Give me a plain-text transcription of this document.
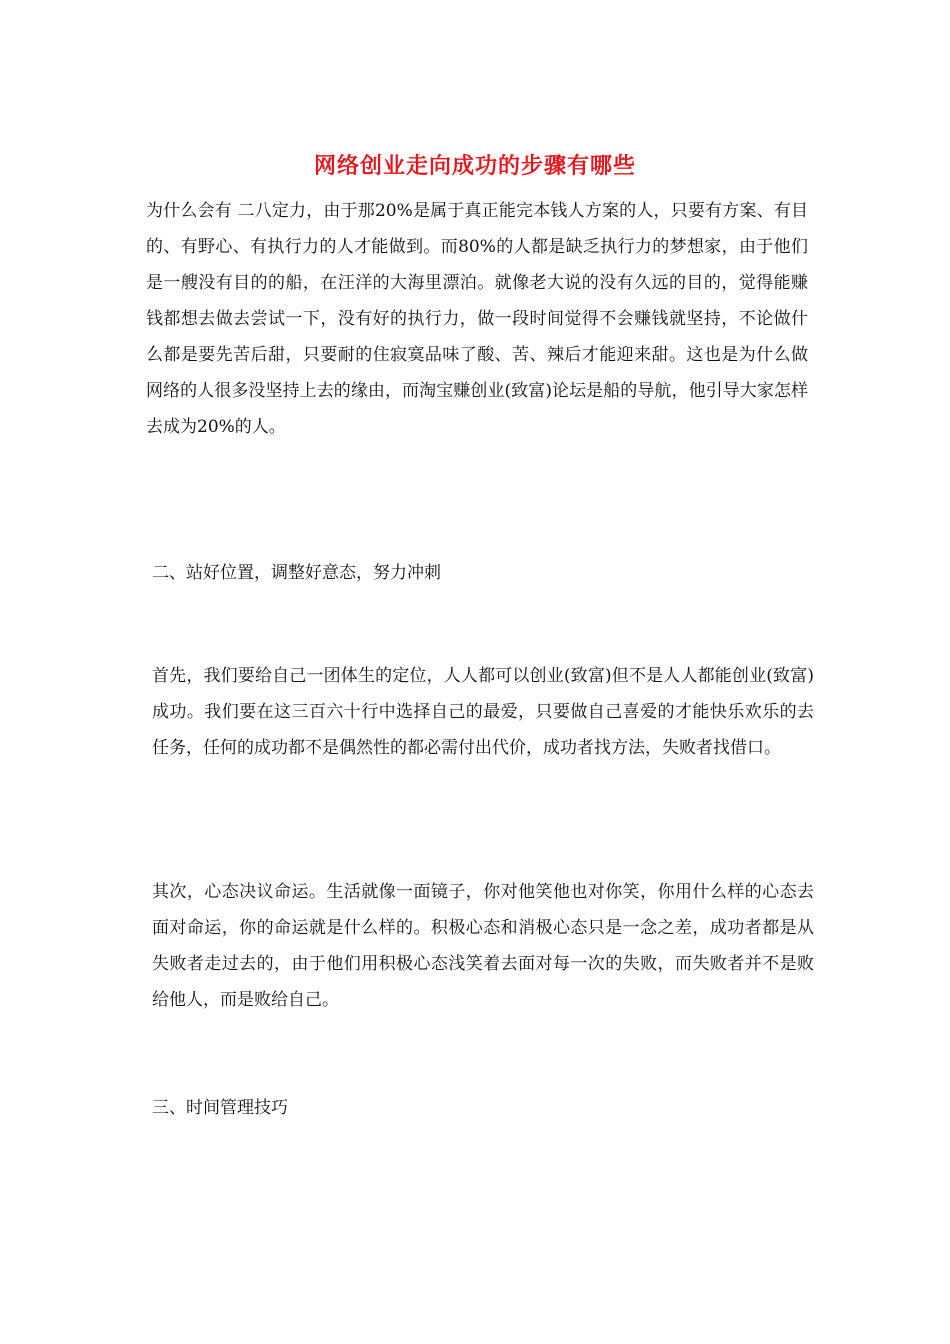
网络创业走向成功的步骤有哪些
为什么会有 二八定力，由于那20%是属于真正能完本钱人方案的人，只要有方案、有目的、有野心、有执行力的人才能做到。而80%的人都是缺乏执行力的梦想家，由于他们是一艘没有目的的船，在汪洋的大海里漂泊。就像老大说的没有久远的目的，觉得能赚钱都想去做去尝试一下，没有好的执行力，做一段时间觉得不会赚钱就坚持，不论做什么都是要先苦后甜，只要耐的住寂寞品味了酸、苦、辣后才能迎来甜。这也是为什么做网络的人很多没坚持上去的缘由，而淘宝赚创业(致富)论坛是船的导航，他引导大家怎样去成为20%的人。
二、站好位置，调整好意态，努力冲刺
首先，我们要给自己一团体生的定位，人人都可以创业(致富)但不是人人都能创业(致富)成功。我们要在这三百六十行中选择自己的最爱，只要做自己喜爱的才能快乐欢乐的去任务，任何的成功都不是偶然性的都必需付出代价，成功者找方法，失败者找借口。
其次，心态决议命运。生活就像一面镜子，你对他笑他也对你笑，你用什么样的心态去面对命运，你的命运就是什么样的。积极心态和消极心态只是一念之差，成功者都是从失败者走过去的，由于他们用积极心态浅笑着去面对每一次的失败，而失败者并不是败给他人，而是败给自己。
三、时间管理技巧
